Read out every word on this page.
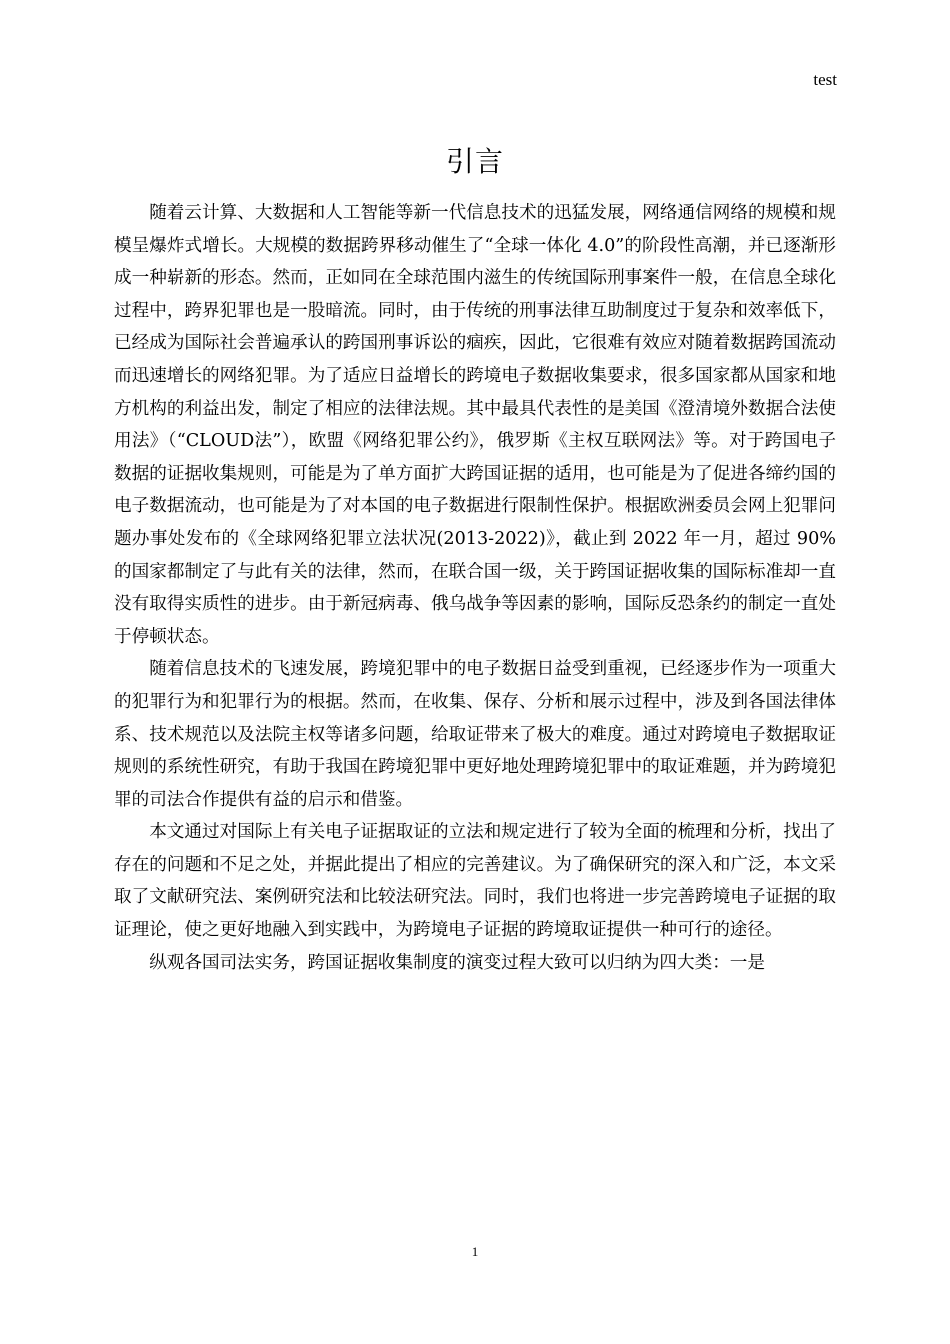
test
引言

随着云计算、大数据和人工智能等新一代信息技术的迅猛发展，网络通信网络的规模和规模呈爆炸式增长。大规模的数据跨界移动催生了“全球一体化 4.0”的阶段性高潮，并已逐渐形成一种崭新的形态。然而，正如同在全球范围内滋生的传统国际刑事案件一般，在信息全球化过程中，跨界犯罪也是一股暗流。同时，由于传统的刑事法律互助制度过于复杂和效率低下，已经成为国际社会普遍承认的跨国刑事诉讼的痼疾，因此，它很难有效应对随着数据跨国流动而迅速增长的网络犯罪。为了适应日益增长的跨境电子数据收集要求，很多国家都从国家和地方机构的利益出发，制定了相应的法律法规。其中最具代表性的是美国《澄清境外数据合法使用法》（“CLOUD法”），欧盟《网络犯罪公约》，俄罗斯《主权互联网法》等。对于跨国电子数据的证据收集规则，可能是为了单方面扩大跨国证据的适用，也可能是为了促进各缔约国的电子数据流动，也可能是为了对本国的电子数据进行限制性保护。根据欧洲委员会网上犯罪问题办事处发布的《全球网络犯罪立法状况(2013-2022)》，截止到 2022 年一月，超过 90%的国家都制定了与此有关的法律，然而，在联合国一级，关于跨国证据收集的国际标准却一直没有取得实质性的进步。由于新冠病毒、俄乌战争等因素的影响，国际反恐条约的制定一直处于停顿状态。

随着信息技术的飞速发展，跨境犯罪中的电子数据日益受到重视，已经逐步作为一项重大的犯罪行为和犯罪行为的根据。然而，在收集、保存、分析和展示过程中，涉及到各国法律体系、技术规范以及法院主权等诸多问题，给取证带来了极大的难度。通过对跨境电子数据取证规则的系统性研究，有助于我国在跨境犯罪中更好地处理跨境犯罪中的取证难题，并为跨境犯罪的司法合作提供有益的启示和借鉴。

本文通过对国际上有关电子证据取证的立法和规定进行了较为全面的梳理和分析，找出了存在的问题和不足之处，并据此提出了相应的完善建议。为了确保研究的深入和广泛，本文采取了文献研究法、案例研究法和比较法研究法。同时，我们也将进一步完善跨境电子证据的取证理论，使之更好地融入到实践中，为跨境电子证据的跨境取证提供一种可行的途径。

纵观各国司法实务，跨国证据收集制度的演变过程大致可以归纳为四大类：一是

1
